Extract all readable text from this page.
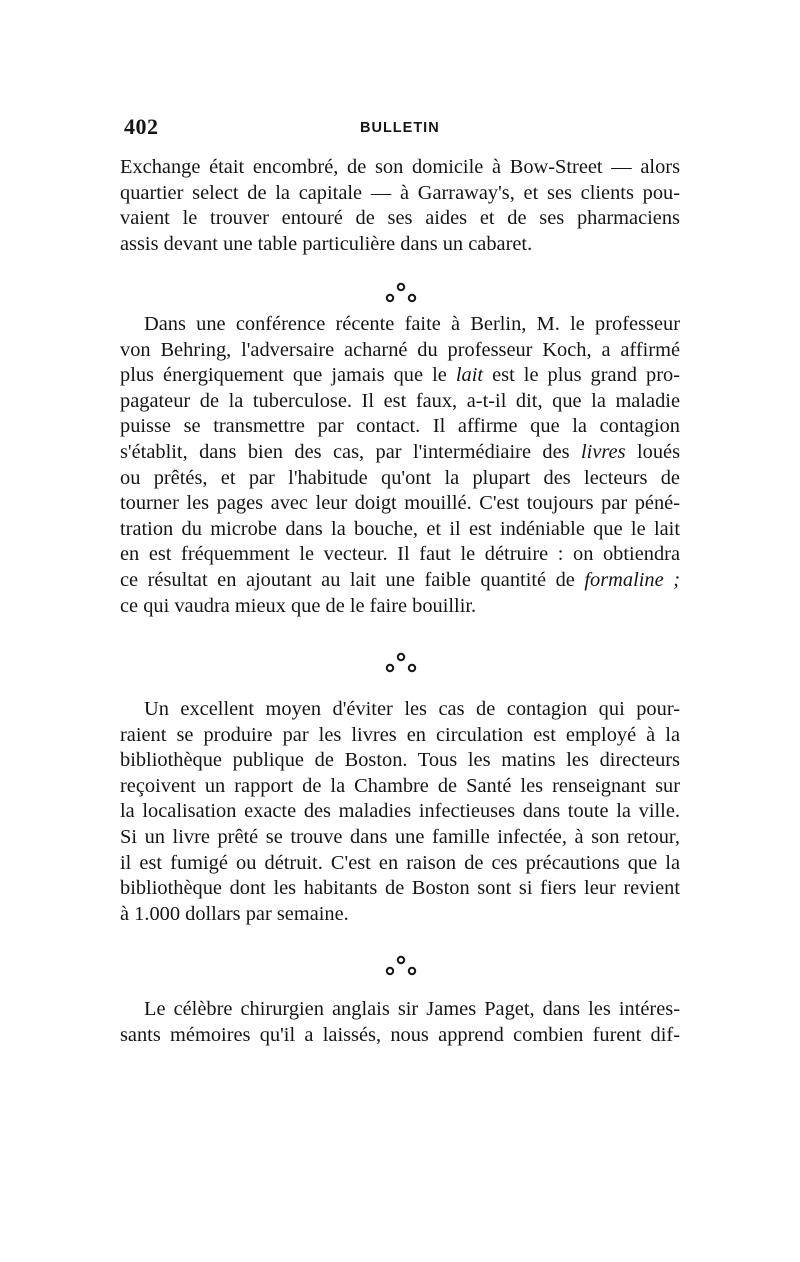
402	BULLETIN
Exchange était encombré, de son domicile à Bow-Street — alors
quartier select de la capitale — à Garraway's, et ses clients pou-
vaient le trouver entouré de ses aides et de ses pharmaciens
assis devant une table particulière dans un cabaret.
Dans une conférence récente faite à Berlin, M. le professeur
von Behring, l'adversaire acharné du professeur Koch, a affirmé
plus énergiquement que jamais que le lait est le plus grand pro-
pagateur de la tuberculose. Il est faux, a-t-il dit, que la maladie
puisse se transmettre par contact. Il affirme que la contagion
s'établit, dans bien des cas, par l'intermédiaire des livres loués
ou prêtés, et par l'habitude qu'ont la plupart des lecteurs de
tourner les pages avec leur doigt mouillé. C'est toujours par péné-
tration du microbe dans la bouche, et il est indéniable que le lait
en est fréquemment le vecteur. Il faut le détruire : on obtiendra
ce résultat en ajoutant au lait une faible quantité de formaline ;
ce qui vaudra mieux que de le faire bouillir.
Un excellent moyen d'éviter les cas de contagion qui pour-
raient se produire par les livres en circulation est employé à la
bibliothèque publique de Boston. Tous les matins les directeurs
reçoivent un rapport de la Chambre de Santé les renseignant sur
la localisation exacte des maladies infectieuses dans toute la ville.
Si un livre prêté se trouve dans une famille infectée, à son retour,
il est fumigé ou détruit. C'est en raison de ces précautions que la
bibliothèque dont les habitants de Boston sont si fiers leur revient
à 1.000 dollars par semaine.
Le célèbre chirurgien anglais sir James Paget, dans les intéres-
sants mémoires qu'il a laissés, nous apprend combien furent dif-
